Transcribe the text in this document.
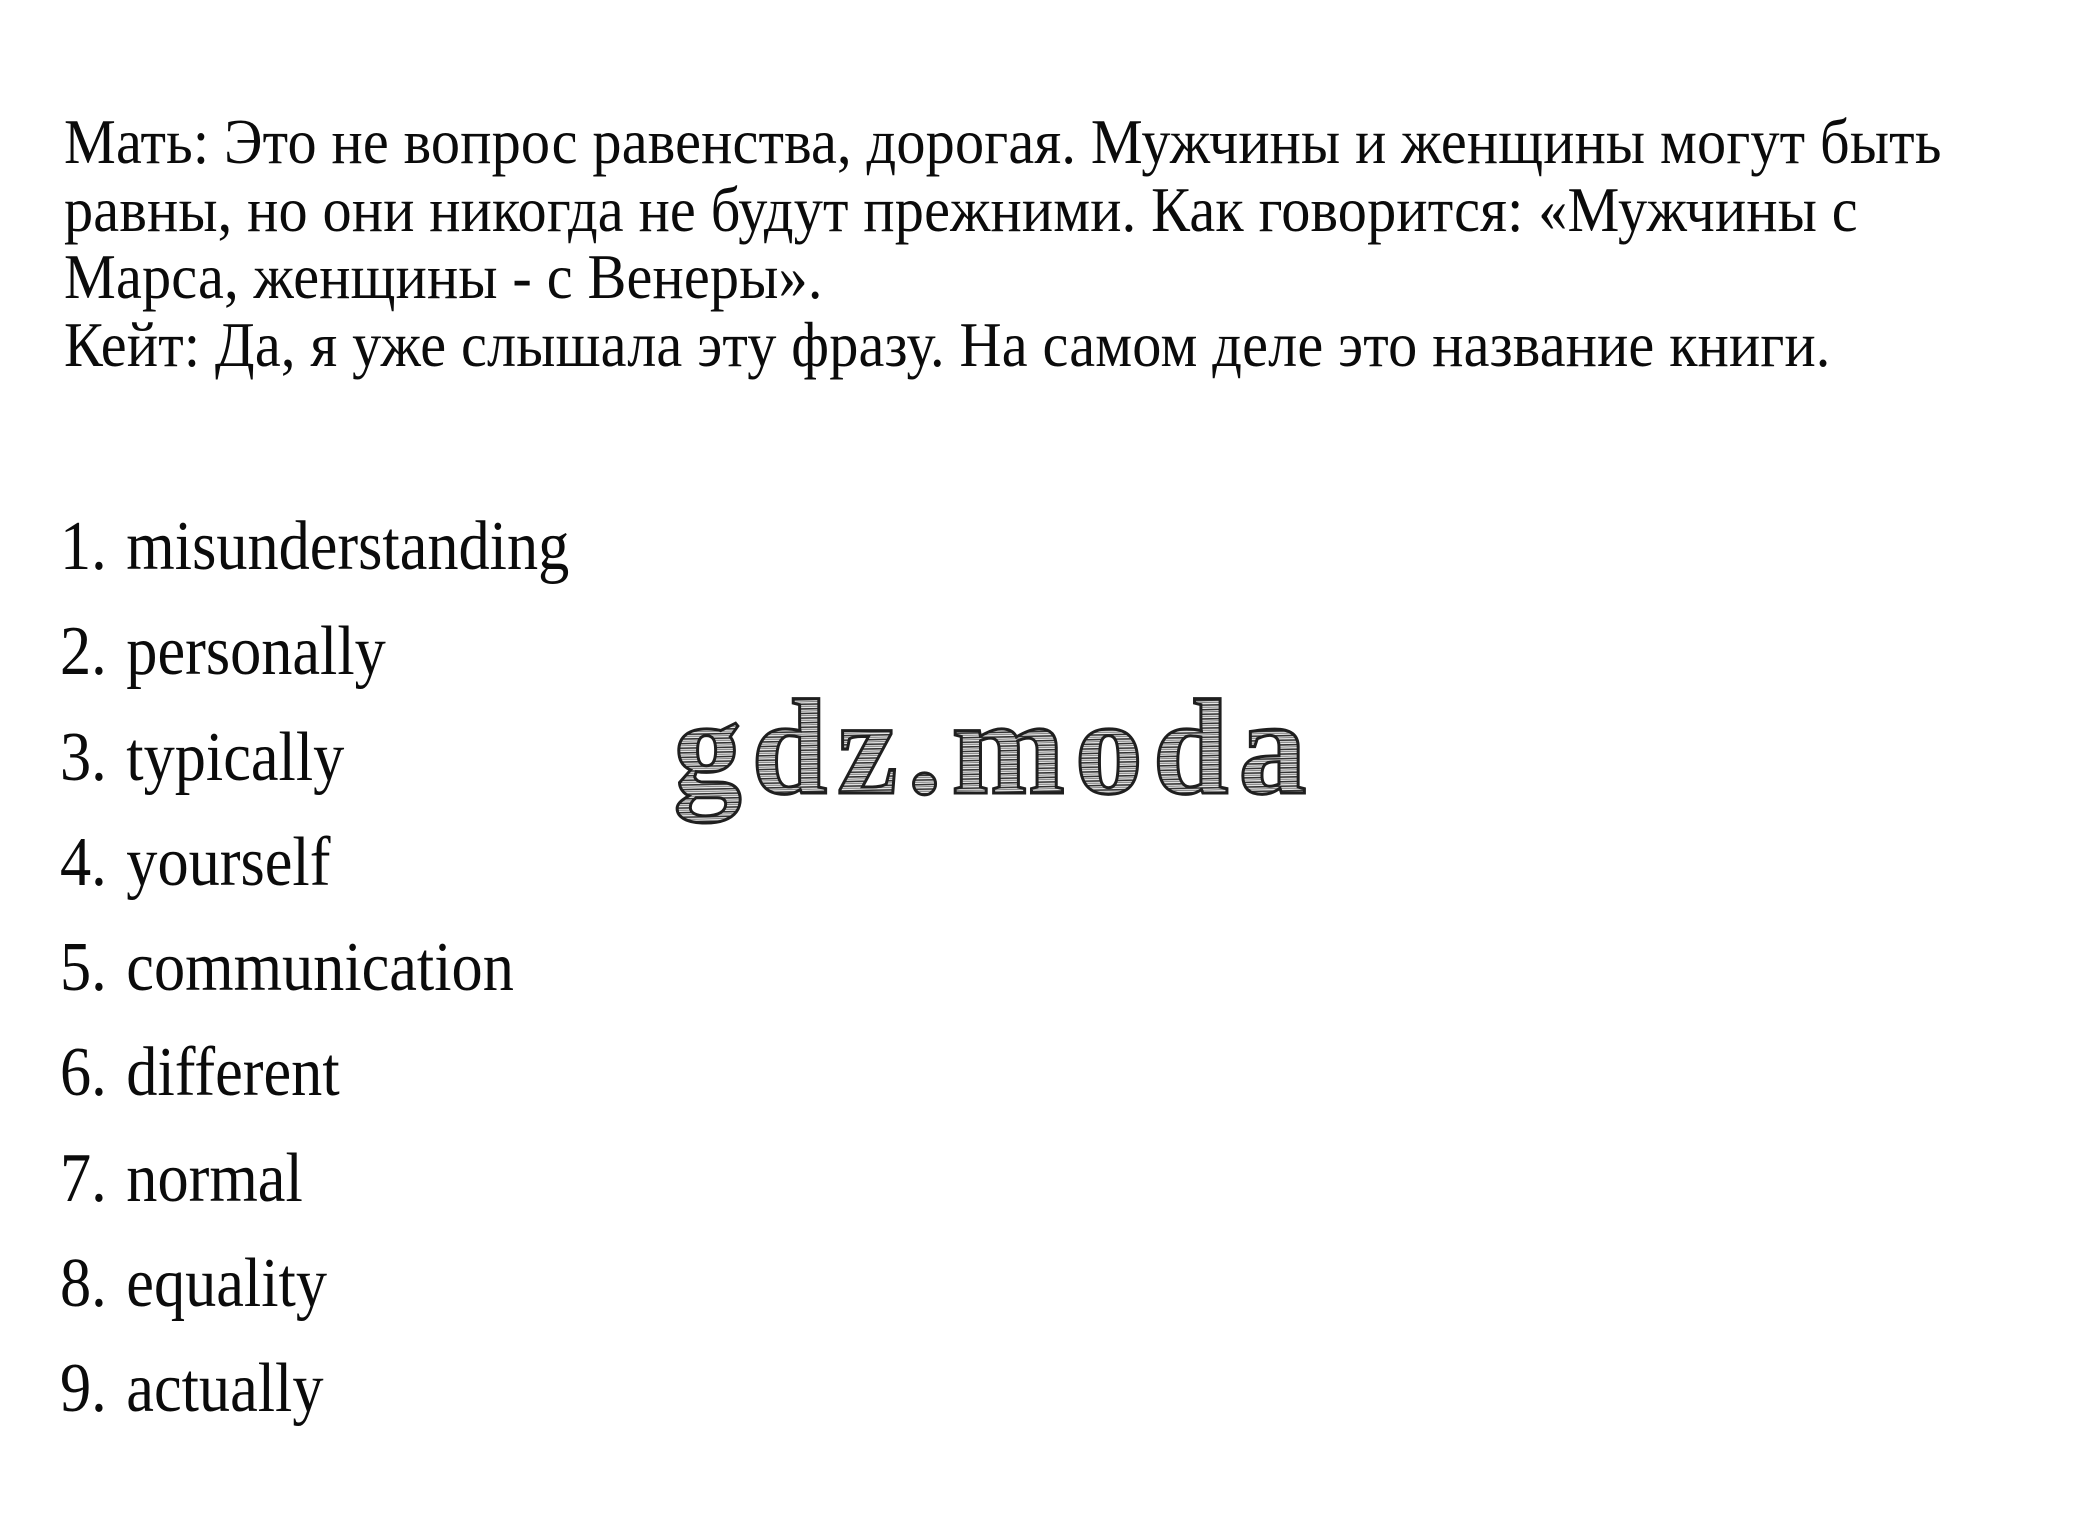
Мать: Это не вопрос равенства, дорогая. Мужчины и женщины могут быть
равны, но они никогда не будут прежними. Как говорится: «Мужчины с
Марса, женщины - с Венеры».
Кейт: Да, я уже слышала эту фразу. На самом деле это название книги.
1. misunderstanding
2. personally
3. typically
4. yourself
5. communication
6. different
7. normal
8. equality
9. actually
gdz.moda
